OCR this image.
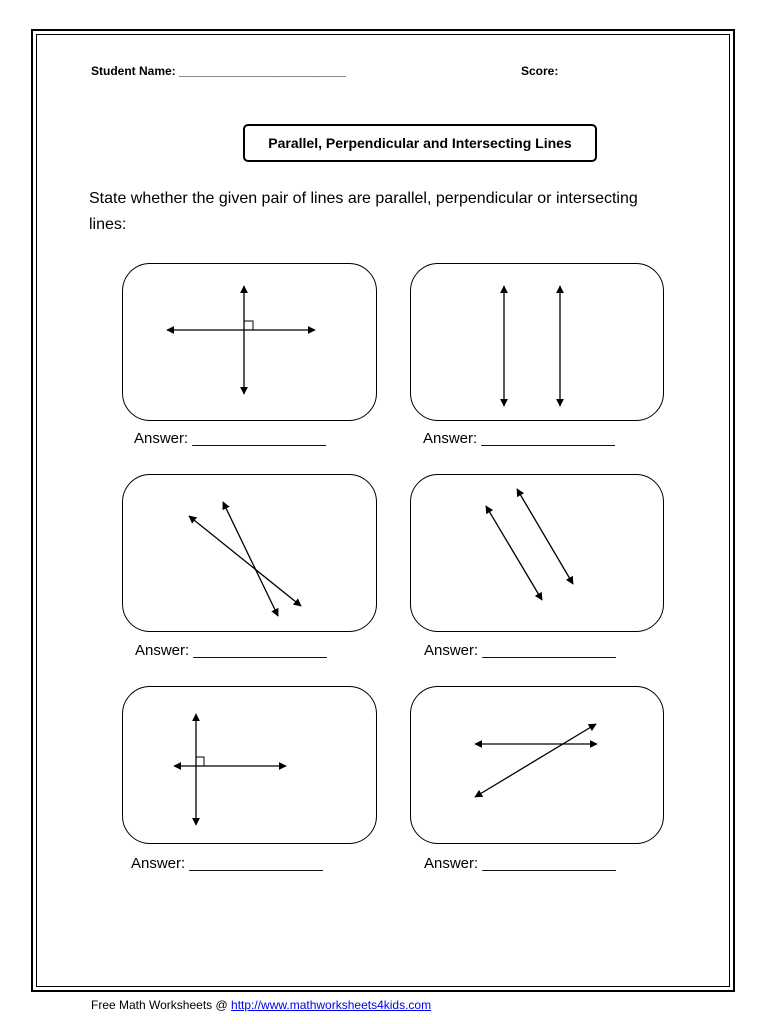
Student Name: _________________________	Score:
Parallel, Perpendicular and Intersecting Lines
State whether the given pair of lines are parallel, perpendicular or intersecting lines:
Answer: ________________	Answer: ________________
Answer: ________________	Answer: ________________
Answer: ________________	Answer: ________________
Free Math Worksheets @ http://www.mathworksheets4kids.com
